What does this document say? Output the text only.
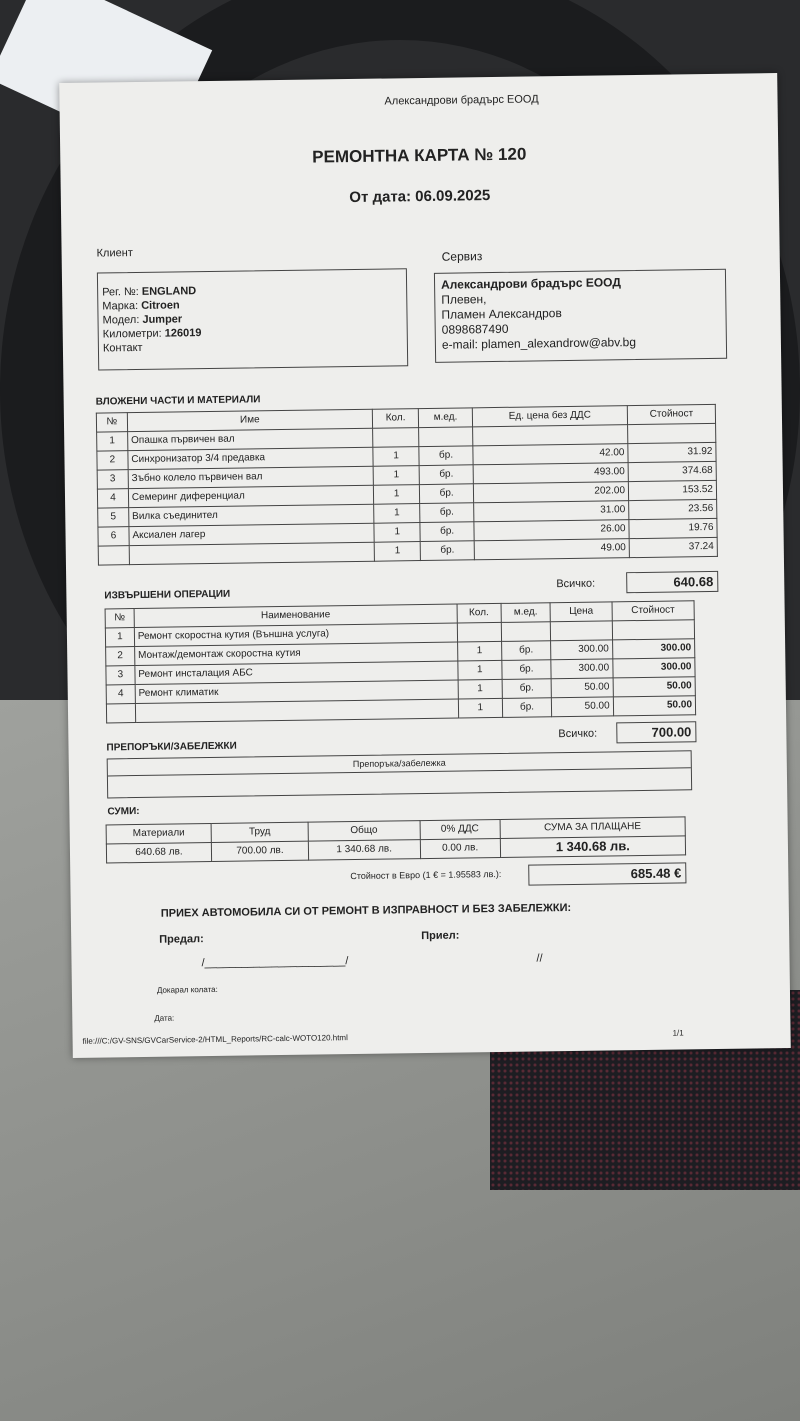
Александрови брадърс ЕООД
РЕМОНТНА КАРТА № 120
От дата: 06.09.2025
Клиент
Рег. №: ENGLAND
Марка: Citroen
Модел: Jumper
Километри: 126019
Контакт
Сервиз
Александрови брадърс ЕООД
Плевен,
Пламен Александров
0898687490
e-mail: plamen_alexandrow@abv.bg
ВЛОЖЕНИ ЧАСТИ И МАТЕРИАЛИ
№	Име	Кол.	м.ед.	Ед. цена без ДДС	Стойност
1	Опашка първичен вал				
2	Синхронизатор 3/4 предавка	1	бр.	42.00	31.92
3	Зъбно колело първичен вал	1	бр.	493.00	374.68
4	Семеринг диференциал	1	бр.	202.00	153.52
5	Вилка съединител	1	бр.	31.00	23.56
6	Аксиален лагер	1	бр.	26.00	19.76
		1	бр.	49.00	37.24
Всичко:	640.68
ИЗВЪРШЕНИ ОПЕРАЦИИ
№	Наименование	Кол.	м.ед.	Цена	Стойност
1	Ремонт скоростна кутия (Външна услуга)				
2	Монтаж/демонтаж скоростна кутия	1	бр.	300.00	300.00
3	Ремонт инсталация АБС	1	бр.	300.00	300.00
4	Ремонт климатик	1	бр.	50.00	50.00
		1	бр.	50.00	50.00
Всичко:	700.00
ПРЕПОРЪКИ/ЗАБЕЛЕЖКИ
Препоръка/забележка
СУМИ:
Материали	Труд	Общо	0% ДДС	СУМА ЗА ПЛАЩАНЕ
640.68 лв.	700.00 лв.	1 340.68 лв.	0.00 лв.	1 340.68 лв.
Стойност в Евро (1 € = 1.95583 лв.):	685.48 €
ПРИЕХ АВТОМОБИЛА СИ ОТ РЕМОНТ В ИЗПРАВНОСТ И БЕЗ ЗАБЕЛЕЖКИ:
Предал:
/_______________________/
Приел:
//
Докарал колата:
Дата:
file:///C:/GV-SNS/GVCarService-2/HTML_Reports/RC-calc-WOTO120.html
1/1
